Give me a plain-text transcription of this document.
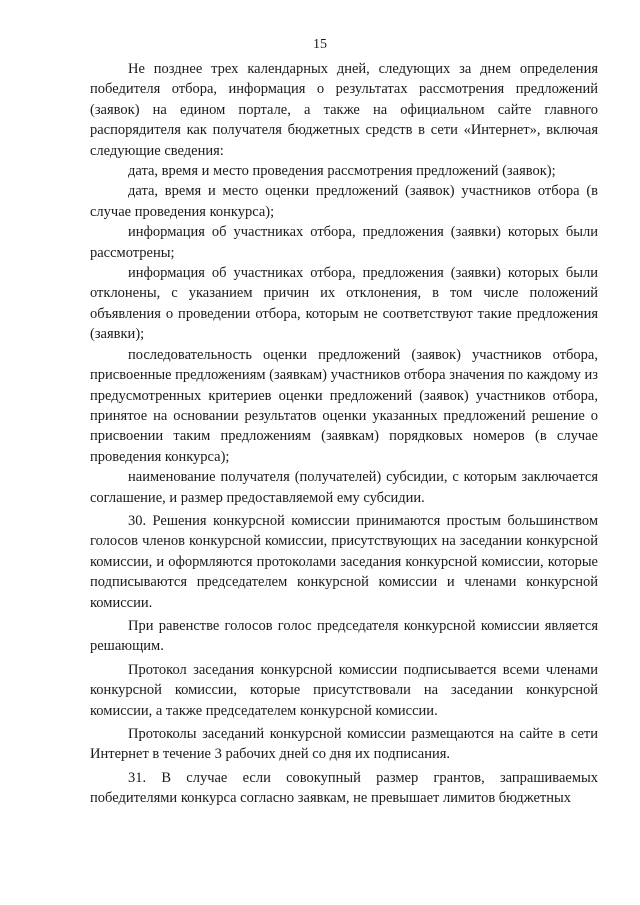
15

Не позднее трех календарных дней, следующих за днем определения победителя отбора, информация о результатах рассмотрения предложений (заявок) на едином портале, а также на официальном сайте главного распорядителя как получателя бюджетных средств в сети «Интернет», включая следующие сведения:

дата, время и место проведения рассмотрения предложений (заявок);

дата, время и место оценки предложений (заявок) участников отбора (в случае проведения конкурса);

информация об участниках отбора, предложения (заявки) которых были рассмотрены;

информация об участниках отбора, предложения (заявки) которых были отклонены, с указанием причин их отклонения, в том числе положений объявления о проведении отбора, которым не соответствуют такие предложения (заявки);

последовательность оценки предложений (заявок) участников отбора, присвоенные предложениям (заявкам) участников отбора значения по каждому из предусмотренных критериев оценки предложений (заявок) участников отбора, принятое на основании результатов оценки указанных предложений решение о присвоении таким предложениям (заявкам) порядковых номеров (в случае проведения конкурса);

наименование получателя (получателей) субсидии, с которым заключается соглашение, и размер предоставляемой ему субсидии.

30. Решения конкурсной комиссии принимаются простым большинством голосов членов конкурсной комиссии, присутствующих на заседании конкурсной комиссии, и оформляются протоколами заседания конкурсной комиссии, которые подписываются председателем конкурсной комиссии и членами конкурсной комиссии.

При равенстве голосов голос председателя конкурсной комиссии является решающим.

Протокол заседания конкурсной комиссии подписывается всеми членами конкурсной комиссии, которые присутствовали на заседании конкурсной комиссии, а также председателем конкурсной комиссии.

Протоколы заседаний конкурсной комиссии размещаются на сайте в сети Интернет в течение 3 рабочих дней со дня их подписания.

31. В случае если совокупный размер грантов, запрашиваемых победителями конкурса согласно заявкам, не превышает лимитов бюджетных
